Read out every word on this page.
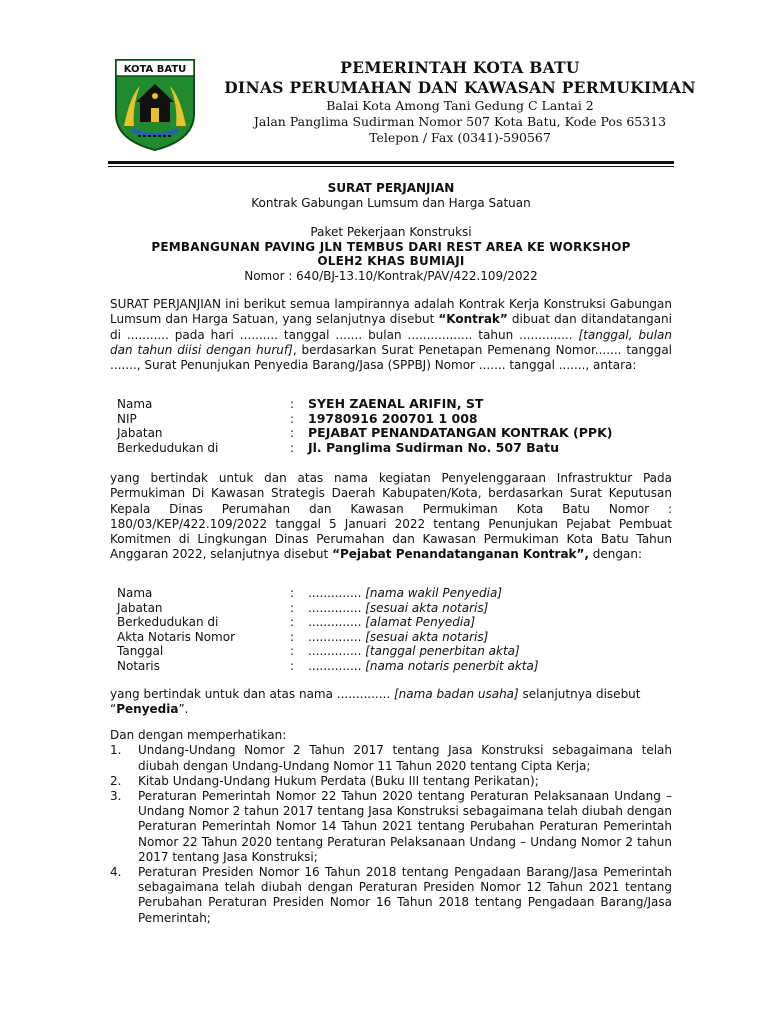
KOTA BATU	PEMERINTAH KOTA BATU
DINAS PERUMAHAN DAN KAWASAN PERMUKIMAN
Balai Kota Among Tani Gedung C Lantai 2
Jalan Panglima Sudirman Nomor 507 Kota Batu, Kode Pos 65313
Telepon / Fax (0341)-590567
SURAT PERJANJIAN
Kontrak Gabungan Lumsum dan Harga Satuan
Paket Pekerjaan Konstruksi
PEMBANGUNAN PAVING JLN TEMBUS DARI REST AREA KE WORKSHOP
OLEH2 KHAS BUMIAJI
Nomor : 640/BJ-13.10/Kontrak/PAV/422.109/2022

SURAT PERJANJIAN ini berikut semua lampirannya adalah Kontrak Kerja Konstruksi Gabungan Lumsum dan Harga Satuan, yang selanjutnya disebut “Kontrak” dibuat dan ditandatangani di ........... pada hari .......... tanggal ....... bulan ................. tahun .............. [tanggal, bulan dan tahun diisi dengan huruf], berdasarkan Surat Penetapan Pemenang Nomor....... tanggal ......., Surat Penunjukan Penyedia Barang/Jasa (SPPBJ) Nomor ....... tanggal ......., antara:

Nama	:	SYEH ZAENAL ARIFIN, ST
NIP	:	19780916 200701 1 008
Jabatan	:	PEJABAT PENANDATANGAN KONTRAK (PPK)
Berkedudukan di	:	Jl. Panglima Sudirman No. 507 Batu

yang bertindak untuk dan atas nama kegiatan Penyelenggaraan Infrastruktur Pada Permukiman Di Kawasan Strategis Daerah Kabupaten/Kota, berdasarkan Surat Keputusan Kepala Dinas Perumahan dan Kawasan Permukiman Kota Batu Nomor : 180/03/KEP/422.109/2022 tanggal 5 Januari 2022 tentang Penunjukan Pejabat Pembuat Komitmen di Lingkungan Dinas Perumahan dan Kawasan Permukiman Kota Batu Tahun Anggaran 2022, selanjutnya disebut “Pejabat Penandatanganan Kontrak”, dengan:

Nama	:	.............. [nama wakil Penyedia]
Jabatan	:	.............. [sesuai akta notaris]
Berkedudukan di	:	.............. [alamat Penyedia]
Akta Notaris Nomor	:	.............. [sesuai akta notaris]
Tanggal	:	.............. [tanggal penerbitan akta]
Notaris	:	.............. [nama notaris penerbit akta]

yang bertindak untuk dan atas nama .............. [nama badan usaha] selanjutnya disebut
“Penyedia”.

Dan dengan memperhatikan:

1. Undang-Undang Nomor 2 Tahun 2017 tentang Jasa Konstruksi sebagaimana telah diubah dengan Undang-Undang Nomor 11 Tahun 2020 tentang Cipta Kerja;
2. Kitab Undang-Undang Hukum Perdata (Buku III tentang Perikatan);
3. Peraturan Pemerintah Nomor 22 Tahun 2020 tentang Peraturan Pelaksanaan Undang – Undang Nomor 2 tahun 2017 tentang Jasa Konstruksi sebagaimana telah diubah dengan Peraturan Pemerintah Nomor 14 Tahun 2021 tentang Perubahan Peraturan Pemerintah Nomor 22 Tahun 2020 tentang Peraturan Pelaksanaan Undang – Undang Nomor 2 tahun 2017 tentang Jasa Konstruksi;
4. Peraturan Presiden Nomor 16 Tahun 2018 tentang Pengadaan Barang/Jasa Pemerintah sebagaimana telah diubah dengan Peraturan Presiden Nomor 12 Tahun 2021 tentang Perubahan Peraturan Presiden Nomor 16 Tahun 2018 tentang Pengadaan Barang/Jasa Pemerintah;
